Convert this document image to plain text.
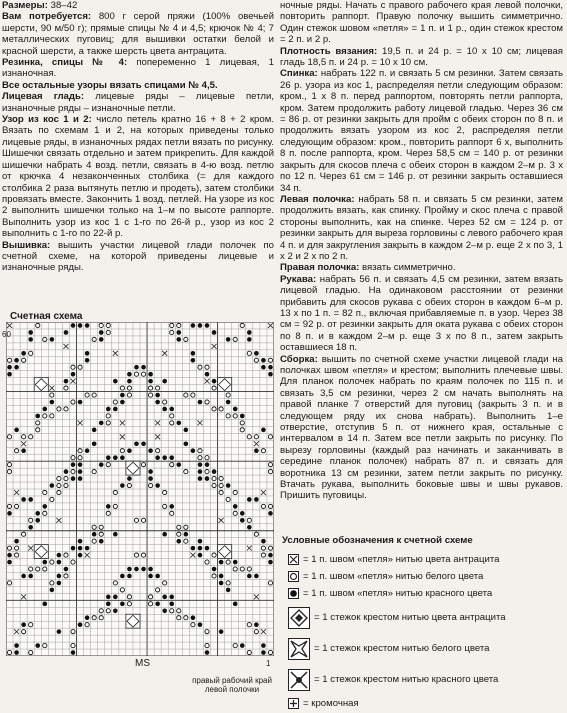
Размеры: 38–42

Вам потребуется: 800 г серой пряжи (100% овечьей шерсти, 90 м/50 г); прямые спицы № 4 и 4,5; крючок № 4; 7 металлических пуговиц; для вышивки остатки белой и красной шерсти, а также шерсть цвета антрацита.

Резинка, спицы № 4: попеременно 1 лицевая, 1 изнаночная.

Все остальные узоры вязать спицами № 4,5.

Лицевая гладь: лицевые ряды – лицевые петли, изнаночные ряды – изнаночные петли.

Узор из кос 1 и 2: число петель кратно 16 + 8 + 2 кром. Вязать по схемам 1 и 2, на которых приведены только лицевые ряды, в изнаночных рядах петли вязать по рисунку. Шишечки связать отдельно и затем прикрепить. Для каждой шишечки набрать 4 возд. петли, связать в 4-ю возд. петлю от крючка 4 незаконченных столбика (= для каждого столбика 2 раза вытянуть петлю и продеть), затем столбики провязать вместе. Закончить 1 возд. петлей. На узоре из кос 2 выполнить шишечки только на 1–м по высоте раппорте. Выполнить узор из кос 1 с 1-го по 26-й р., узор из кос 2 выполнить с 1-го по 22-й р.

Вышивка: вышить участки лицевой глади полочек по счетной схеме, на которой приведены лицевые и изнаночные ряды.

ночные ряды. Начать с правого рабочего края левой полочки, повторить раппорт. Правую полочку вышить симметрично. Один стежок шовом «петля» = 1 п. и 1 р., один стежок крестом = 2 п. и 2 р.

Плотность вязания: 19,5 п. и 24 р. = 10 x 10 см; лицевая гладь 18,5 п. и 24 р. = 10 x 10 см.

Спинка: набрать 122 п. и связать 5 см резинки. Затем связать 26 р. узора из кос 1, распределяя петли следующим образом: кром., 1 x 8 п. перед раппортом, повторять петли раппорта, кром. Затем продолжить работу лицевой гладью. Через 36 см = 86 р. от резинки закрыть для пройм с обеих сторон по 8 п. и продолжить вязать узором из кос 2, распределяя петли следующим образом: кром., повторить раппорт 6 x, выполнить 8 п. после раппорта, кром. Через 58,5 см = 140 р. от резинки закрыть для скосов плеча с обеих сторон в каждом 2–м р. 3 x по 12 п. Через 61 см = 146 р. от резинки закрыть оставшиеся 34 п.

Левая полочка: набрать 58 п. и связать 5 см резинки, затем продолжить вязать, как спинку. Пройму и скос плеча с правой стороны выполнить, как на спинке. Через 52 см = 124 р. от резинки закрыть для выреза горловины с левого рабочего края 4 п. и для закругления закрыть в каждом 2–м р. еще 2 x по 3, 1 x 2 и 2 x по 2 п.

Правая полочка: вязать симметрично.

Рукава: набрать 56 п. и связать 4,5 см резинки, затем вязать лицевой гладью. На одинаковом расстоянии от резинки прибавить для скосов рукава с обеих сторон в каждом 6–м р. 13 x по 1 п. = 82 п., включая прибавляемые п. в узор. Через 38 см = 92 р. от резинки закрыть для оката рукава с обеих сторон по 8 п. и в каждом 2–м р. еще 3 x по 8 п., затем закрыть оставшиеся 18 п.

Сборка: вышить по счетной схеме участки лицевой глади на полочках швом «петля» и крестом; выполнить плечевые швы. Для планок полочек набрать по краям полочек по 115 п. и связать 3,5 см резинки, через 2 см начать выполнять на правой планке 7 отверстий для пуговиц (закрыть 3 п. и в следующем ряду их снова набрать). Выполнить 1–е отверстие, отступив 5 п. от нижнего края, остальные с интервалом в 14 п. Затем все петли закрыть по рисунку. По вырезу горловины (каждый раз начинать и заканчивать в середине планок полочек) набрать 87 п. и связать для воротника 13 см резинки, затем петли закрыть по рисунку. Втачать рукава, выполнить боковые швы и швы рукавов. Пришить пуговицы.

Счетная схема
60
MS	1
правый рабочий край
левой полочки
Условные обозначения к счетной схеме
= 1 п. швом «петля» нитью цвета антрацита
= 1 п. швом «петля» нитью белого цвета
= 1 п. швом «петля» нитью красного цвета
= 1 стежок крестом нитью цвета антрацита
= 1 стежок крестом нитью белого цвета
= 1 стежок крестом нитью красного цвета
= кромочная
